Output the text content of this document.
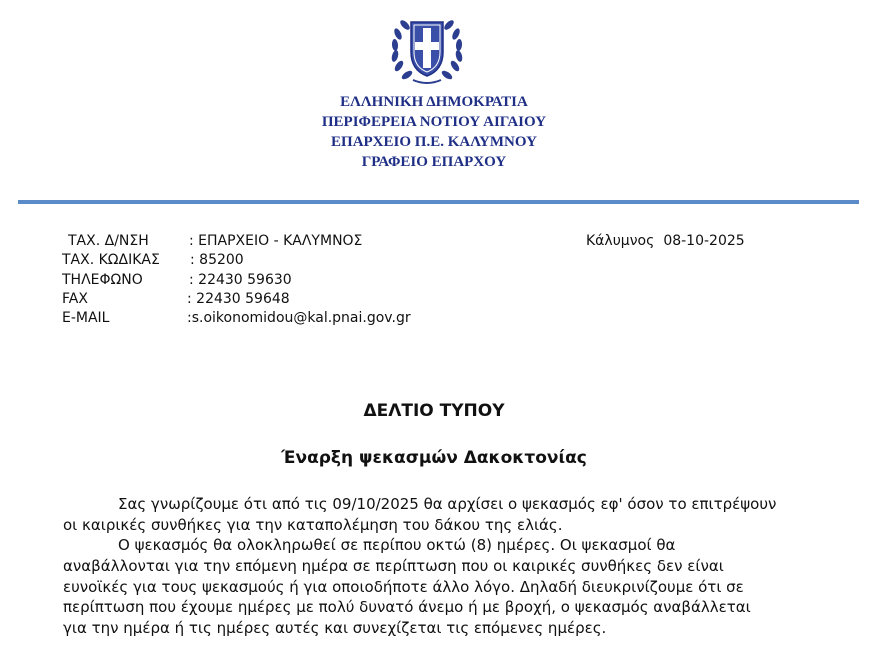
ΕΛΛΗΝΙΚΗ ΔΗΜΟΚΡΑΤΙΑ
ΠΕΡΙΦΕΡΕΙΑ ΝΟΤΙΟΥ ΑΙΓΑΙΟΥ
ΕΠΑΡΧΕΙΟ Π.Ε. ΚΑΛΥΜΝΟΥ
ΓΡΑΦΕΙΟ ΕΠΑΡΧΟΥ
ΤΑΧ. Δ/ΝΣΗ	: ΕΠΑΡΧΕΙΟ - ΚΑΛΥΜΝΟΣ
ΤΑΧ. ΚΩΔΙΚΑΣ : 85200
ΤΗΛΕΦΩΝΟ	: 22430 59630
FAX	: 22430 59648
E-MAIL	:s.oikonomidou@kal.pnai.gov.gr
Κάλυμνος 08-10-2025
ΔΕΛΤΙΟ ΤΥΠΟΥ
Έναρξη ψεκασμών Δακοκτονίας
Σας γνωρίζουμε ότι από τις 09/10/2025 θα αρχίσει ο ψεκασμός εφ' όσον το επιτρέψουν
οι καιρικές συνθήκες για την καταπολέμηση του δάκου της ελιάς.
Ο ψεκασμός θα ολοκληρωθεί σε περίπου οκτώ (8) ημέρες. Οι ψεκασμοί θα
αναβάλλονται για την επόμενη ημέρα σε περίπτωση που οι καιρικές συνθήκες δεν είναι
ευνοϊκές για τους ψεκασμούς ή για οποιοδήποτε άλλο λόγο. Δηλαδή διευκρινίζουμε ότι σε
περίπτωση που έχουμε ημέρες με πολύ δυνατό άνεμο ή με βροχή, ο ψεκασμός αναβάλλεται
για την ημέρα ή τις ημέρες αυτές και συνεχίζεται τις επόμενες ημέρες.
